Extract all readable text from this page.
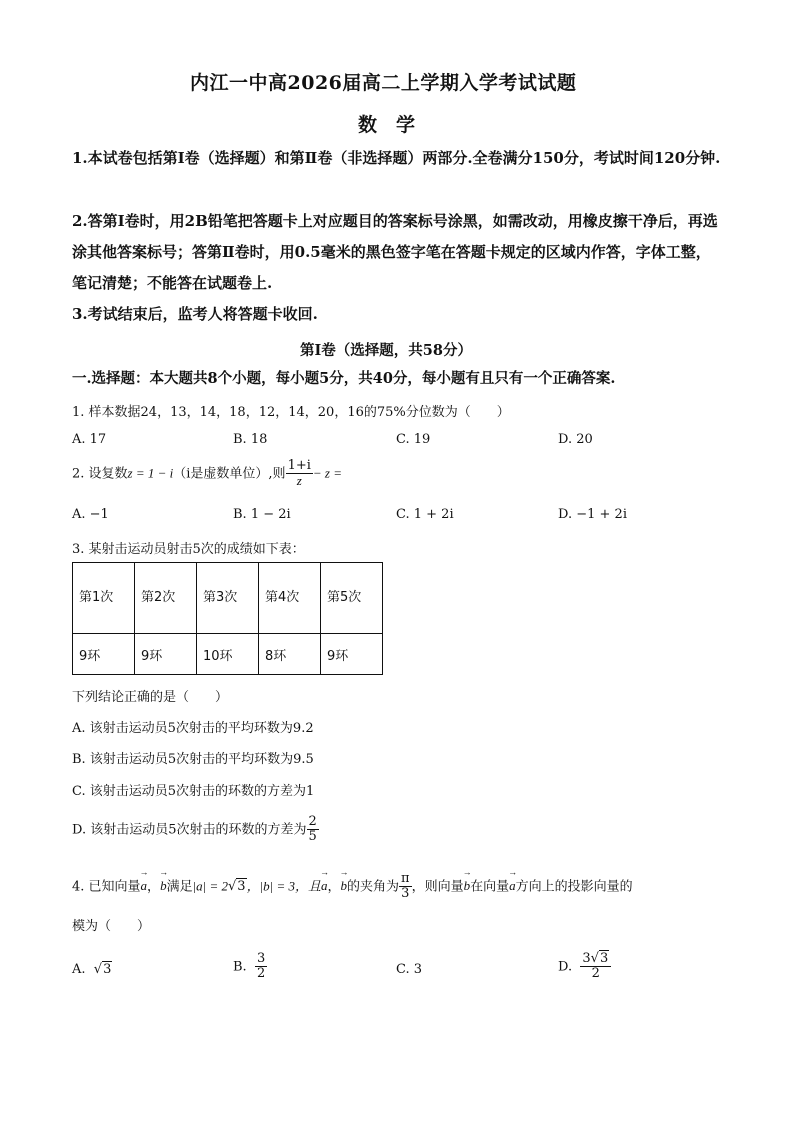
内江一中高2026届高二上学期入学考试试题
数　学
1.本试卷包括第Ⅰ卷（选择题）和第Ⅱ卷（非选择题）两部分.全卷满分150分，考试时间120分钟.
2.答第Ⅰ卷时，用2B铅笔把答题卡上对应题目的答案标号涂黑，如需改动，用橡皮擦干净后，再选涂其他答案标号；答第Ⅱ卷时，用0.5毫米的黑色签字笔在答题卡规定的区域内作答，字体工整，笔记清楚；不能答在试题卷上.
3.考试结束后，监考人将答题卡收回.
第Ⅰ卷（选择题，共58分）
一.选择题：本大题共8个小题，每小题5分，共40分，每小题有且只有一个正确答案.
1. 样本数据24，13，14，18，12，14，20，16的75%分位数为（　　）
A. 17	B. 18	C. 19	D. 20
2. 设复数z = 1 − i（i是虚数单位）,则 $\frac{1+i}{z} - z$ =
A. −1	B. 1 − 2i	C. 1 + 2i	D. −1 + 2i
3. 某射击运动员射击5次的成绩如下表：
第1次	第2次	第3次	第4次	第5次
9环	9环	10环	8环	9环
下列结论正确的是（　　）
A. 该射击运动员5次射击的平均环数为9.2
B. 该射击运动员5次射击的平均环数为9.5
C. 该射击运动员5次射击的环数的方差为1
D. 该射击运动员5次射击的环数的方差为 $\frac{2}{5}$
4. 已知向量→ a，→ b满足|a| = 2√3，|b| = 3，且→ a，→ b的夹角为 $\frac{\pi}{3}$ ，则向量→ b在向量→ a方向上的投影向量的
模为（　　）
A. √3	B. $\frac{3}{2}$	C. 3	D. $\frac{3√3}{2}$
